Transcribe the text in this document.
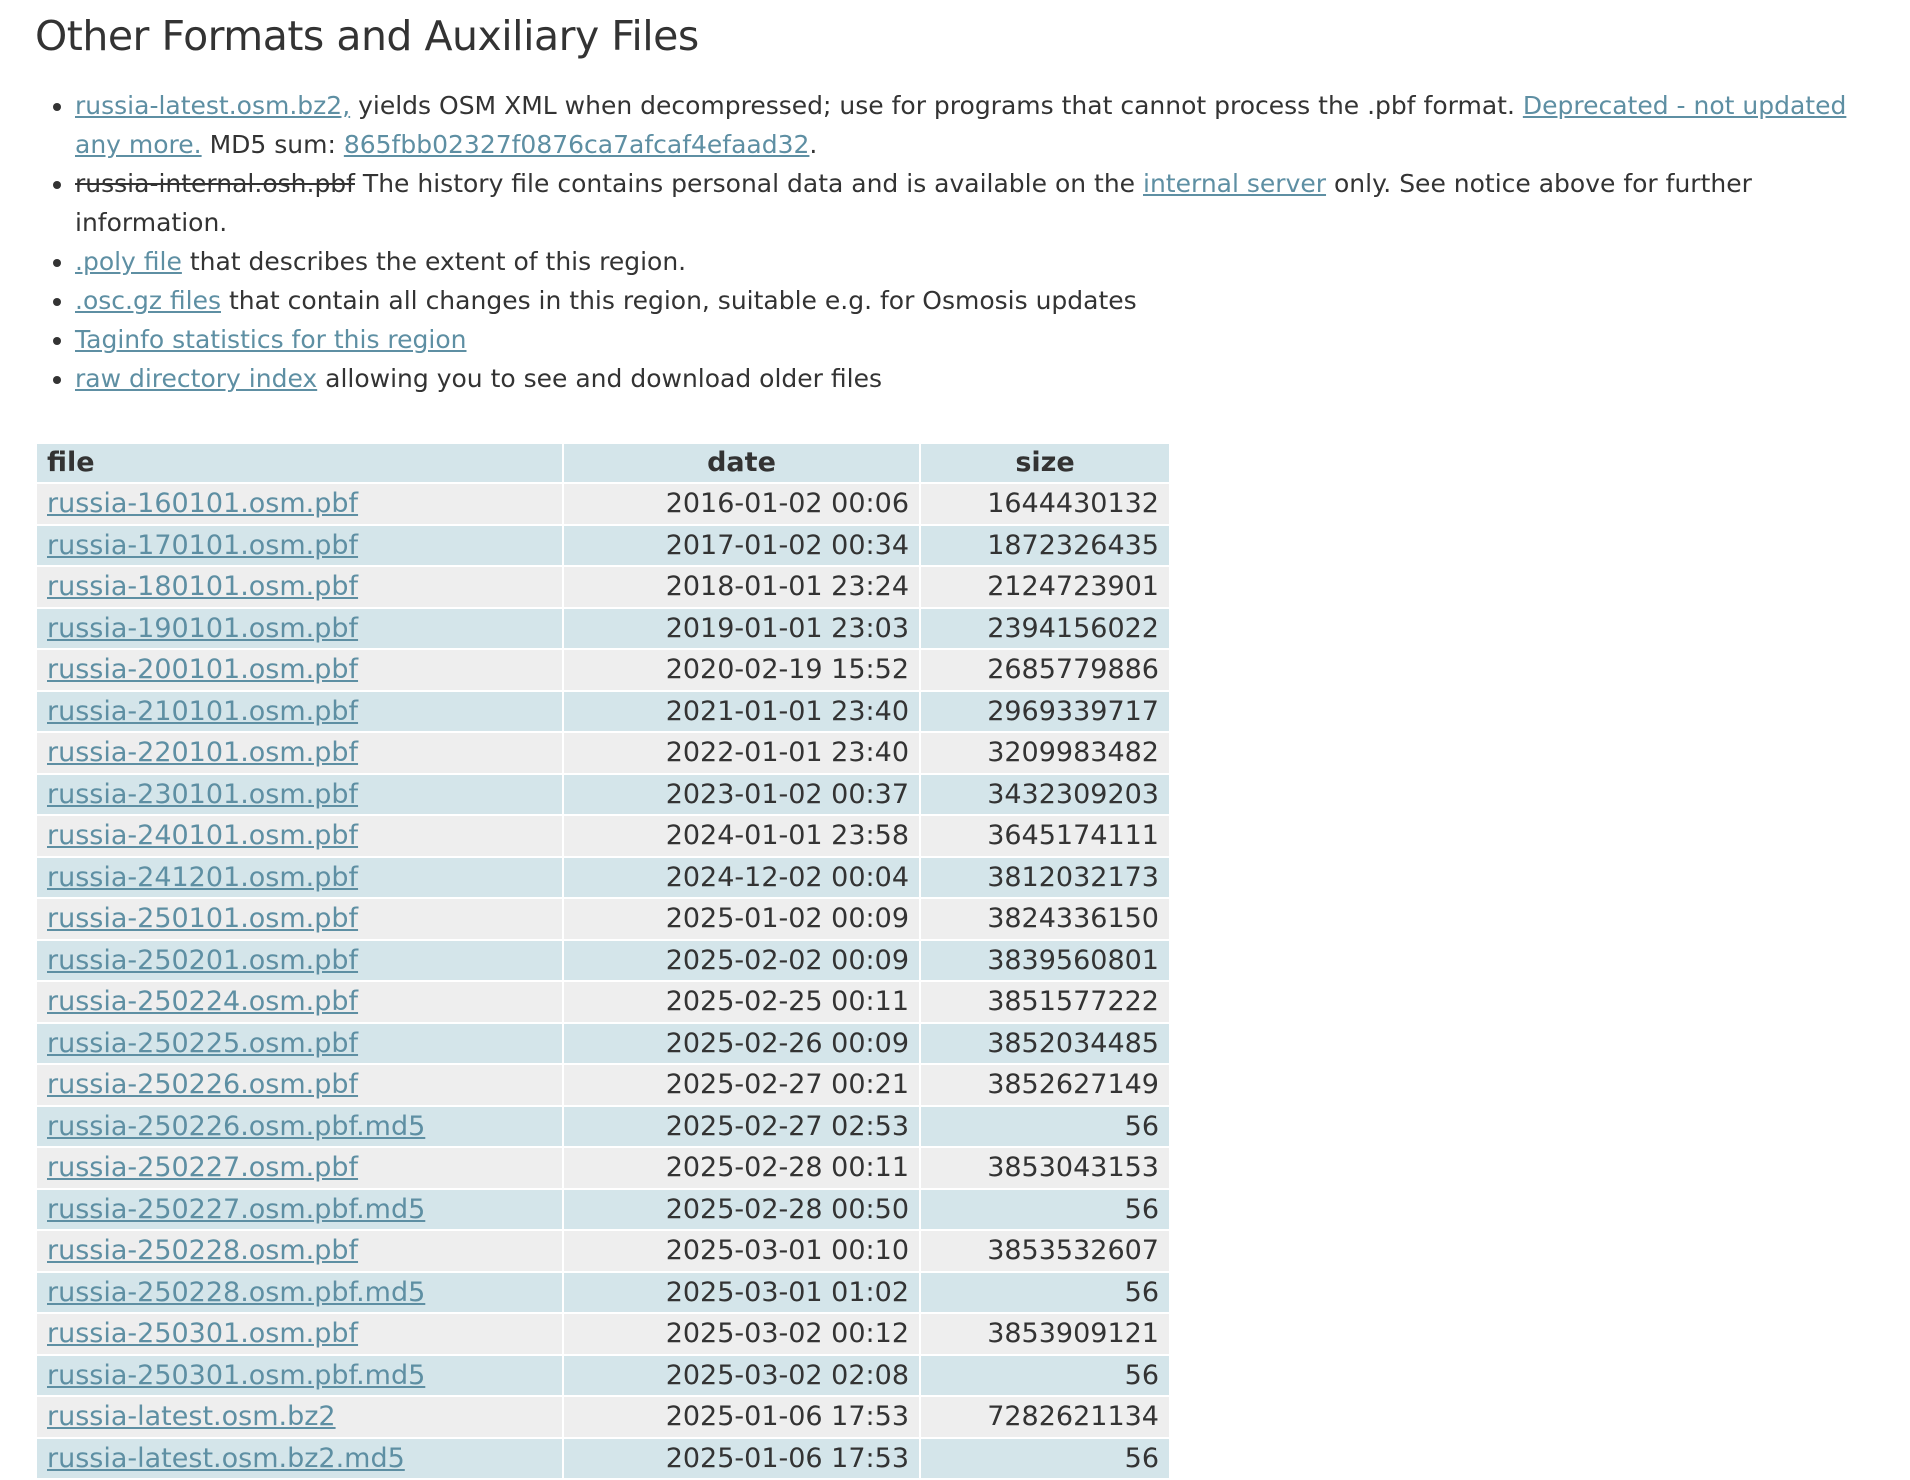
Other Formats and Auxiliary Files
• russia-latest.osm.bz2, yields OSM XML when decompressed; use for programs that cannot process the .pbf format. Deprecated - not updated any more. MD5 sum: 865fbb02327f0876ca7afcaf4efaad32.
• russia-internal.osh.pbf The history file contains personal data and is available on the internal server only. See notice above for further information.
• .poly file that describes the extent of this region.
• .osc.gz files that contain all changes in this region, suitable e.g. for Osmosis updates
• Taginfo statistics for this region
• raw directory index allowing you to see and download older files
file	date	size
russia-160101.osm.pbf	2016-01-02 00:06	1644430132
russia-170101.osm.pbf	2017-01-02 00:34	1872326435
russia-180101.osm.pbf	2018-01-01 23:24	2124723901
russia-190101.osm.pbf	2019-01-01 23:03	2394156022
russia-200101.osm.pbf	2020-02-19 15:52	2685779886
russia-210101.osm.pbf	2021-01-01 23:40	2969339717
russia-220101.osm.pbf	2022-01-01 23:40	3209983482
russia-230101.osm.pbf	2023-01-02 00:37	3432309203
russia-240101.osm.pbf	2024-01-01 23:58	3645174111
russia-241201.osm.pbf	2024-12-02 00:04	3812032173
russia-250101.osm.pbf	2025-01-02 00:09	3824336150
russia-250201.osm.pbf	2025-02-02 00:09	3839560801
russia-250224.osm.pbf	2025-02-25 00:11	3851577222
russia-250225.osm.pbf	2025-02-26 00:09	3852034485
russia-250226.osm.pbf	2025-02-27 00:21	3852627149
russia-250226.osm.pbf.md5	2025-02-27 02:53	56
russia-250227.osm.pbf	2025-02-28 00:11	3853043153
russia-250227.osm.pbf.md5	2025-02-28 00:50	56
russia-250228.osm.pbf	2025-03-01 00:10	3853532607
russia-250228.osm.pbf.md5	2025-03-01 01:02	56
russia-250301.osm.pbf	2025-03-02 00:12	3853909121
russia-250301.osm.pbf.md5	2025-03-02 02:08	56
russia-latest.osm.bz2	2025-01-06 17:53	7282621134
russia-latest.osm.bz2.md5	2025-01-06 17:53	56
